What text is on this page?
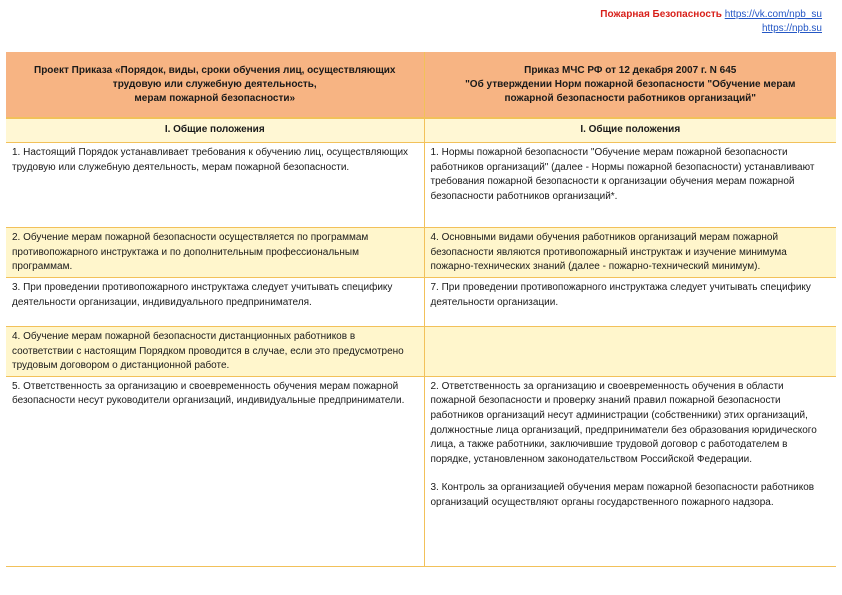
Пожарная Безопасность https://vk.com/npb_su
https://npb.su
Проект Приказа «Порядок, виды, сроки обучения лиц, осуществляющих
трудовую или служебную деятельность,
мерам пожарной безопасности»	Приказ МЧС РФ от 12 декабря 2007 г. N 645
"Об утверждении Норм пожарной безопасности "Обучение мерам
пожарной безопасности работников организаций"
I. Общие положения	I. Общие положения
1. Настоящий Порядок устанавливает требования к обучению лиц, осуществляющих трудовую или служебную деятельность, мерам пожарной безопасности.	1. Нормы пожарной безопасности "Обучение мерам пожарной безопасности работников организаций" (далее - Нормы пожарной безопасности) устанавливают требования пожарной безопасности к организации обучения мерам пожарной безопасности работников организаций*.
2. Обучение мерам пожарной безопасности осуществляется по программам противопожарного инструктажа и по дополнительным профессиональным программам.	4. Основными видами обучения работников организаций мерам пожарной безопасности являются противопожарный инструктаж и изучение минимума пожарно-технических знаний (далее - пожарно-технический минимум).
3. При проведении противопожарного инструктажа следует учитывать специфику деятельности организации, индивидуального предпринимателя.	7. При проведении противопожарного инструктажа следует учитывать специфику деятельности организации.
4. Обучение мерам пожарной безопасности дистанционных работников в соответствии с настоящим Порядком проводится в случае, если это предусмотрено трудовым договором о дистанционной работе.	
5. Ответственность за организацию и своевременность обучения мерам пожарной безопасности несут руководители организаций, индивидуальные предприниматели.	2. Ответственность за организацию и своевременность обучения в области пожарной безопасности и проверку знаний правил пожарной безопасности работников организаций несут администрации (собственники) этих организаций, должностные лица организаций, предприниматели без образования юридического лица, а также работники, заключившие трудовой договор с работодателем в порядке, установленном законодательством Российской Федерации.
3. Контроль за организацией обучения мерам пожарной безопасности работников организаций осуществляют органы государственного пожарного надзора.
